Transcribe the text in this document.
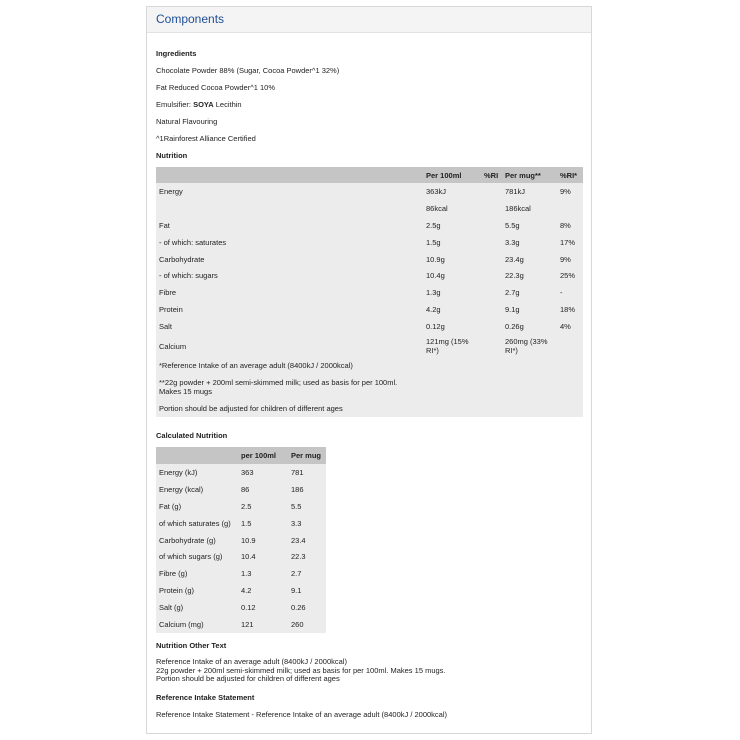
Components
Ingredients
Chocolate Powder 88% (Sugar, Cocoa Powder^1 32%)
Fat Reduced Cocoa Powder^1 10%
Emulsifier: SOYA Lecithin
Natural Flavouring
^1Rainforest Alliance Certified
Nutrition
	Per 100ml	%RI	Per mug**	%RI*
Energy	363kJ		781kJ	9%
	86kcal		186kcal	
Fat	2.5g		5.5g	8%
- of which: saturates	1.5g		3.3g	17%
Carbohydrate	10.9g		23.4g	9%
- of which: sugars	10.4g		22.3g	25%
Fibre	1.3g		2.7g	-
Protein	4.2g		9.1g	18%
Salt	0.12g		0.26g	4%
Calcium	121mg (15% RI*)		260mg (33% RI*)	
*Reference Intake of an average adult (8400kJ / 2000kcal)				
**22g powder + 200ml semi-skimmed milk; used as basis for per 100ml. Makes 15 mugs				
Portion should be adjusted for children of different ages				
Calculated Nutrition
	per 100ml	Per mug
Energy (kJ)	363	781
Energy (kcal)	86	186
Fat (g)	2.5	5.5
of which saturates (g)	1.5	3.3
Carbohydrate (g)	10.9	23.4
of which sugars (g)	10.4	22.3
Fibre (g)	1.3	2.7
Protein (g)	4.2	9.1
Salt (g)	0.12	0.26
Calcium (mg)	121	260
Nutrition Other Text
Reference Intake of an average adult (8400kJ / 2000kcal)
22g powder + 200ml semi-skimmed milk; used as basis for per 100ml. Makes 15 mugs.
Portion should be adjusted for children of different ages
Reference Intake Statement
Reference Intake Statement - Reference Intake of an average adult (8400kJ / 2000kcal)
